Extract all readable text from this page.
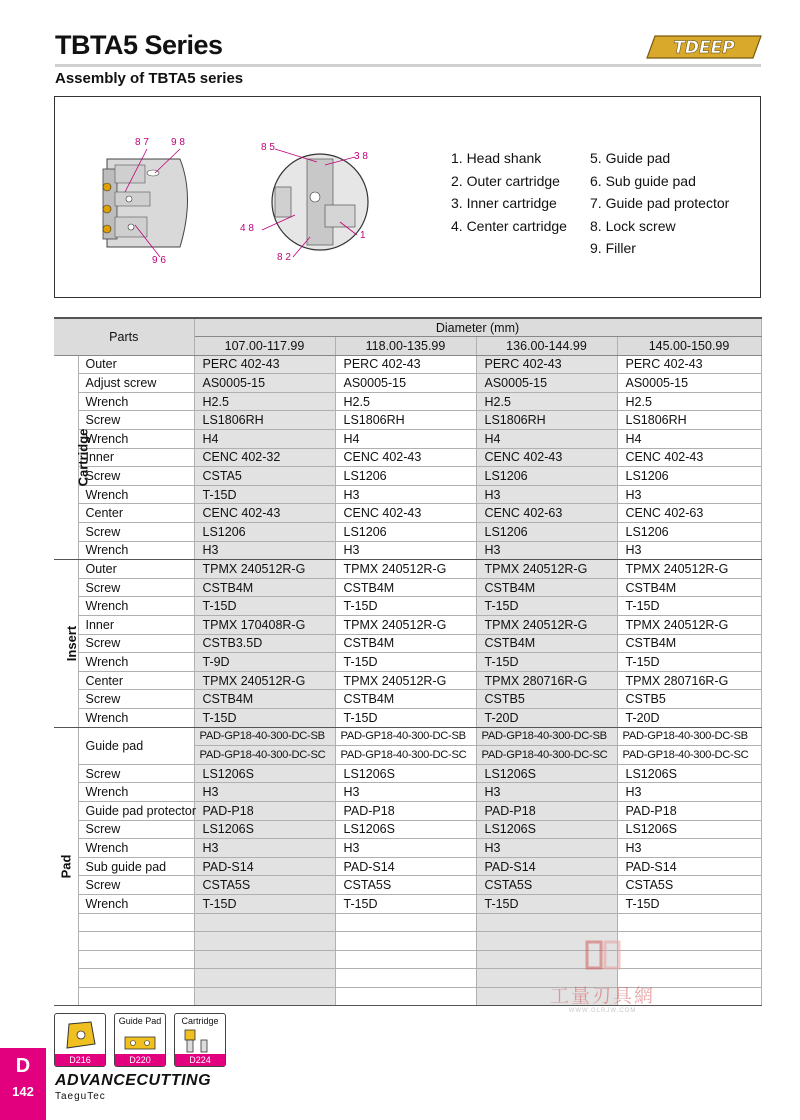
TBTA5 Series
Assembly of TBTA5 series
TDEEP
8 7 9 8
9 6
8 5
3 8
4 8
1
8 2
1. Head shank
2. Outer cartridge
3. Inner cartridge
4. Center cartridge
5. Guide pad
6. Sub guide pad
7. Guide pad protector
8. Lock screw
9. Filler
Parts		Diameter (mm)			
		107.00-117.99	118.00-135.99	136.00-144.99	145.00-150.99
Cartridge	Outer	PERC 402-43	PERC 402-43	PERC 402-43	PERC 402-43
	Adjust screw	AS0005-15	AS0005-15	AS0005-15	AS0005-15
	Wrench	H2.5	H2.5	H2.5	H2.5
	Screw	LS1806RH	LS1806RH	LS1806RH	LS1806RH
	Wrench	H4	H4	H4	H4
	Inner	CENC 402-32	CENC 402-43	CENC 402-43	CENC 402-43
	Screw	CSTA5	LS1206	LS1206	LS1206
	Wrench	T-15D	H3	H3	H3
	Center	CENC 402-43	CENC 402-43	CENC 402-63	CENC 402-63
	Screw	LS1206	LS1206	LS1206	LS1206
	Wrench	H3	H3	H3	H3
Insert	Outer	TPMX 240512R-G	TPMX 240512R-G	TPMX 240512R-G	TPMX 240512R-G
	Screw	CSTB4M	CSTB4M	CSTB4M	CSTB4M
	Wrench	T-15D	T-15D	T-15D	T-15D
	Inner	TPMX 170408R-G	TPMX 240512R-G	TPMX 240512R-G	TPMX 240512R-G
	Screw	CSTB3.5D	CSTB4M	CSTB4M	CSTB4M
	Wrench	T-9D	T-15D	T-15D	T-15D
	Center	TPMX 240512R-G	TPMX 240512R-G	TPMX 280716R-G	TPMX 280716R-G
	Screw	CSTB4M	CSTB4M	CSTB5	CSTB5
	Wrench	T-15D	T-15D	T-20D	T-20D
Pad	Guide pad	PAD-GP18-40-300-DC-SB	PAD-GP18-40-300-DC-SB	PAD-GP18-40-300-DC-SB	PAD-GP18-40-300-DC-SB
		PAD-GP18-40-300-DC-SC	PAD-GP18-40-300-DC-SC	PAD-GP18-40-300-DC-SC	PAD-GP18-40-300-DC-SC
	Screw	LS1206S	LS1206S	LS1206S	LS1206S
	Wrench	H3	H3	H3	H3
	Guide pad protector	PAD-P18	PAD-P18	PAD-P18	PAD-P18
	Screw	LS1206S	LS1206S	LS1206S	LS1206S
	Wrench	H3	H3	H3	H3
	Sub guide pad	PAD-S14	PAD-S14	PAD-S14	PAD-S14
	Screw	CSTA5S	CSTA5S	CSTA5S	CSTA5S
	Wrench	T-15D	T-15D	T-15D	T-15D

工量刃具網
WWW.GLRJW.COM
D216
Guide Pad
D220
Cartridge
D224
D
142
ADVANCECUTTING
TaeguTec
